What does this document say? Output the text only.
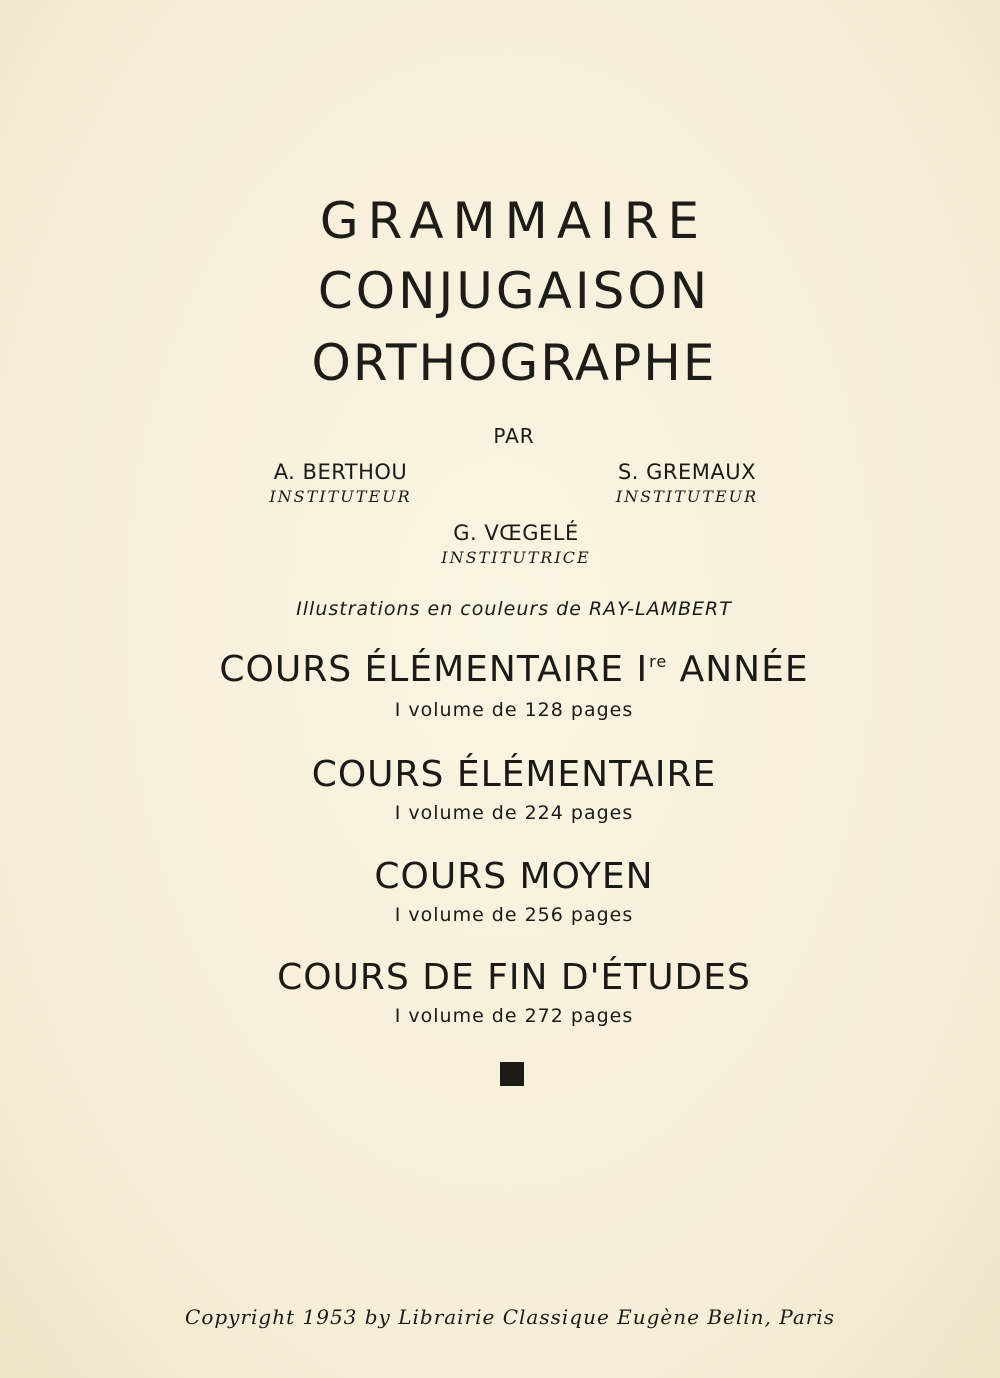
GRAMMAIRE
CONJUGAISON
ORTHOGRAPHE
PAR
A. BERTHOU
INSTITUTEUR
S. GREMAUX
INSTITUTEUR
G. VŒGELÉ
INSTITUTRICE
Illustrations en couleurs de RAY-LAMBERT
COURS ÉLÉMENTAIRE Ire ANNÉE
I volume de 128 pages
COURS ÉLÉMENTAIRE
I volume de 224 pages
COURS MOYEN
I volume de 256 pages
COURS DE FIN D'ÉTUDES
I volume de 272 pages
Copyright 1953 by Librairie Classique Eugène Belin, Paris
